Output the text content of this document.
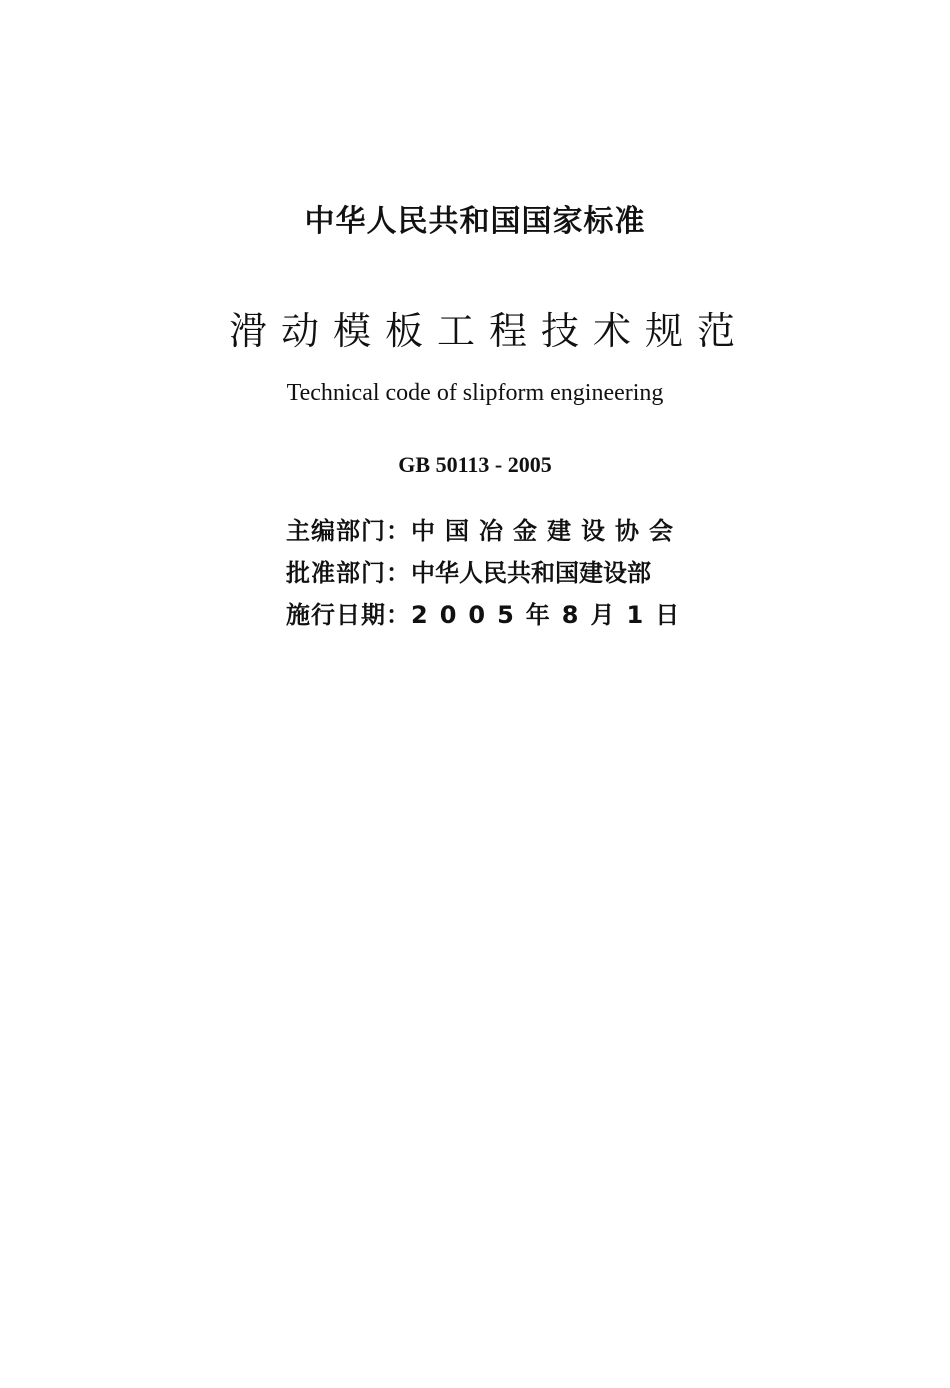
中华人民共和国国家标准
滑动模板工程技术规范
Technical code of slipform engineering
GB 50113 - 2005
主编部门：中国冶金建设协会
批准部门：中华人民共和国建设部
施行日期：2005年8月1日
